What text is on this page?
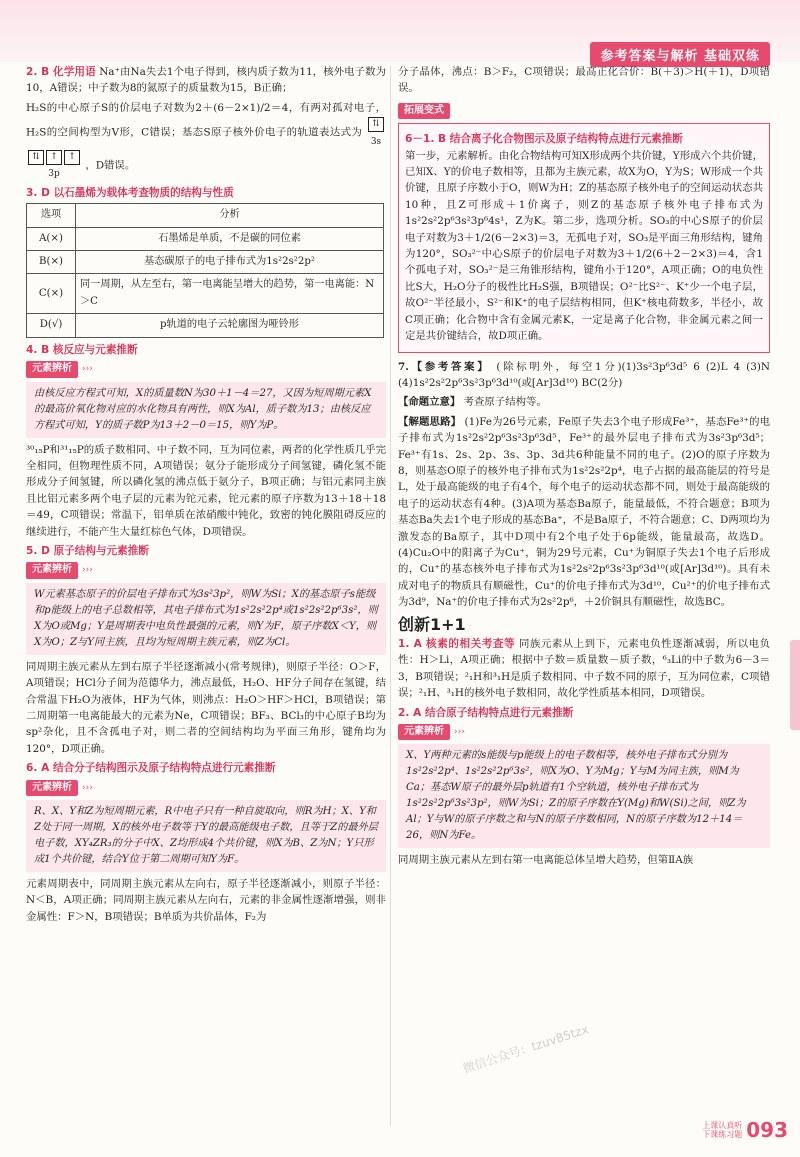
参考答案与解析 基础双练

2. B 化学用语 Na⁺由Na失去1个电子得到，核内质子数为11，核外电子数为10，A错误；中子数为8的氮原子的质量数为15，B正确；

H₂S的中心原子S的价层电子对数为2＋(6－2×1)/2＝4，有两对孤对电子，H₂S的空间构型为V形，C错误；基态S原子核外价电子的轨道表达式为
⇅

3s
⇅	↑	↑

3p ，D错误。

3. D 以石墨烯为载体考查物质的结构与性质
选项	分析
A(×)	石墨烯是单质，不是碳的同位素
B(×)	基态碳原子的电子排布式为1s²2s²2p²
C(×)	同一周期，从左至右，第一电离能呈增大的趋势，第一电离能：N＞C
D(√)	p轨道的电子云轮廓图为哑铃形
4. B 核反应与元素推断
元素辨析 ›››
由核反应方程式可知，X的质量数N为30＋1－4＝27，又因为短周期元素X的最高价氧化物对应的水化物具有两性，则X为Al，质子数为13；由核反应方程式可知，Y的质子数P为13＋2－0＝15，则Y为P。

³⁰₁₅P和³¹₁₅P的质子数相同、中子数不同，互为同位素，两者的化学性质几乎完全相同，但物理性质不同，A项错误；氨分子能形成分子间氢键，磷化氢不能形成分子间氢键，所以磷化氢的沸点低于氨分子，B项正确；与铝元素同主族且比铝元素多两个电子层的元素为铊元素，铊元素的原子序数为13＋18＋18＝49，C项错误；常温下，铝单质在浓硝酸中钝化，致密的钝化膜阻碍反应的继续进行，不能产生大量红棕色气体，D项错误。

5. D 原子结构与元素推断
元素辨析 ›››
W元素基态原子的价层电子排布式为3s²3p²，则W为Si；X的基态原子s能级和p能级上的电子总数相等，其电子排布式为1s²2s²2p⁴或1s²2s²2p⁶3s²，则X为O或Mg；Y是周期表中电负性最强的元素，则Y为F，原子序数X＜Y，则X为O；Z与Y同主族，且均为短周期主族元素，则Z为Cl。

同周期主族元素从左到右原子半径逐渐减小(常考规律)，则原子半径：O＞F，A项错误；HCl分子间为范德华力，沸点最低，H₂O、HF分子间存在氢键，结合常温下H₂O为液体，HF为气体，则沸点：H₂O＞HF＞HCl，B项错误；第二周期第一电离能最大的元素为Ne，C项错误；BF₃、BCl₃的中心原子B均为sp²杂化，且不含孤电子对，则二者的空间结构均为平面三角形，键角均为120°，D项正确。

6. A 结合分子结构图示及原子结构特点进行元素推断
元素辨析 ›››
R、X、Y和Z为短周期元素，R中电子只有一种自旋取向，则R为H；X、Y和Z处于同一周期，X的核外电子数等于Y的最高能级电子数，且等于Z的最外层电子数，XY₄ZR₃的分子中X、Z均形成4个共价键，则X为B、Z为N；Y只形成1个共价键，结合Y位于第二周期可知Y为F。

元素周期表中，同周期主族元素从左向右，原子半径逐渐减小，则原子半径：N＜B，A项正确；同周期主族元素从左向右，元素的非金属性逐渐增强，则非金属性：F＞N，B项错误；B单质为共价晶体，F₂为

分子晶体，沸点：B＞F₂，C项错误；最高正化合价：B(＋3)＞H(＋1)，D项错误。

拓展变式
6－1. B 结合离子化合物图示及原子结构特点进行元素推断

第一步，元素解析。由化合物结构可知X形成两个共价键，Y形成六个共价键，已知X、Y的价电子数相等，且都为主族元素，故X为O，Y为S；W形成一个共价键，且原子序数小于O，则W为H；Z的基态原子核外电子的空间运动状态共10种，且Z可形成＋1价离子，则Z的基态原子核外电子排布式为1s²2s²2p⁶3s²3p⁶4s¹，Z为K。第二步，选项分析。SO₃的中心S原子的价层电子对数为3＋1/2(6－2×3)＝3，无孤电子对，SO₃是平面三角形结构，键角为120°，SO₃²⁻中心S原子的价层电子对数为3＋1/2(6＋2－2×3)＝4，含1个孤电子对，SO₃²⁻是三角锥形结构，键角小于120°，A项正确；O的电负性比S大，H₂O分子的极性比H₂S强，B项错误；O²⁻比S²⁻、K⁺少一个电子层，故O²⁻半径最小，S²⁻和K⁺的电子层结构相同，但K⁺核电荷数多，半径小，故C项正确；化合物中含有金属元素K，一定是离子化合物，非金属元素之间一定是共价键结合，故D项正确。

7.【参考答案】 (除标明外，每空1分)(1)3s²3p⁶3d⁵ 6 (2)L 4 (3)N (4)1s²2s²2p⁶3s²3p⁶3d¹⁰(或[Ar]3d¹⁰) BC(2分)

【命题立意】 考查原子结构等。

【解题思路】 (1)Fe为26号元素，Fe原子失去3个电子形成Fe³⁺，基态Fe³⁺的电子排布式为1s²2s²2p⁶3s²3p⁶3d⁵，Fe³⁺的最外层电子排布式为3s²3p⁶3d⁵；Fe³⁺有1s、2s、2p、3s、3p、3d共6种能量不同的电子。(2)O的原子序数为8，则基态O原子的核外电子排布式为1s²2s²2p⁴，电子占据的最高能层的符号是L，处于最高能级的电子有4个，每个电子的运动状态都不同，则处于最高能级的电子的运动状态有4种。(3)A项为基态Ba原子，能量最低，不符合题意；B项为基态Ba失去1个电子形成的基态Ba⁺，不是Ba原子，不符合题意；C、D两项均为激发态的Ba原子，其中D项中有2个电子处于6p能级，能量最高，故选D。(4)Cu₂O中的阳离子为Cu⁺，铜为29号元素，Cu⁺为铜原子失去1个电子后形成的，Cu⁺的基态核外电子排布式为1s²2s²2p⁶3s²3p⁶3d¹⁰(或[Ar]3d¹⁰)。具有未成对电子的物质具有顺磁性，Cu⁺的价电子排布式为3d¹⁰，Cu²⁺的价电子排布式为3d⁹，Na⁺的价电子排布式为2s²2p⁶，＋2价铜具有顺磁性，故选BC。

创新1+1

1. A 核素的相关考查等 同族元素从上到下，元素电负性逐渐减弱，所以电负性：H＞Li，A项正确；根据中子数＝质量数－质子数，⁶₃Li的中子数为6－3＝3，B项错误；²₁H和³₁H是质子数相同、中子数不同的原子，互为同位素，C项错误；²₁H、³₁H的核外电子数相同，故化学性质基本相同，D项错误。

2. A 结合原子结构特点进行元素推断
元素辨析 ›››
X、Y两种元素的s能级与p能级上的电子数相等，核外电子排布式分别为1s²2s²2p⁴、1s²2s²2p⁶3s²，则X为O、Y为Mg；Y与M为同主族，则M为Ca；基态W原子的最外层p轨道有1个空轨道，核外电子排布式为1s²2s²2p⁶3s²3p²，则W为Si；Z的原子序数在Y(Mg)和W(Si)之间，则Z为Al；Y与W的原子序数之和与N的原子序数相同，N的原子序数为12＋14＝26，则N为Fe。

同周期主族元素从左到右第一电离能总体呈增大趋势，但第ⅡA族

微信公众号：tzuv85tzx
上课认真听
下课练习题 093
